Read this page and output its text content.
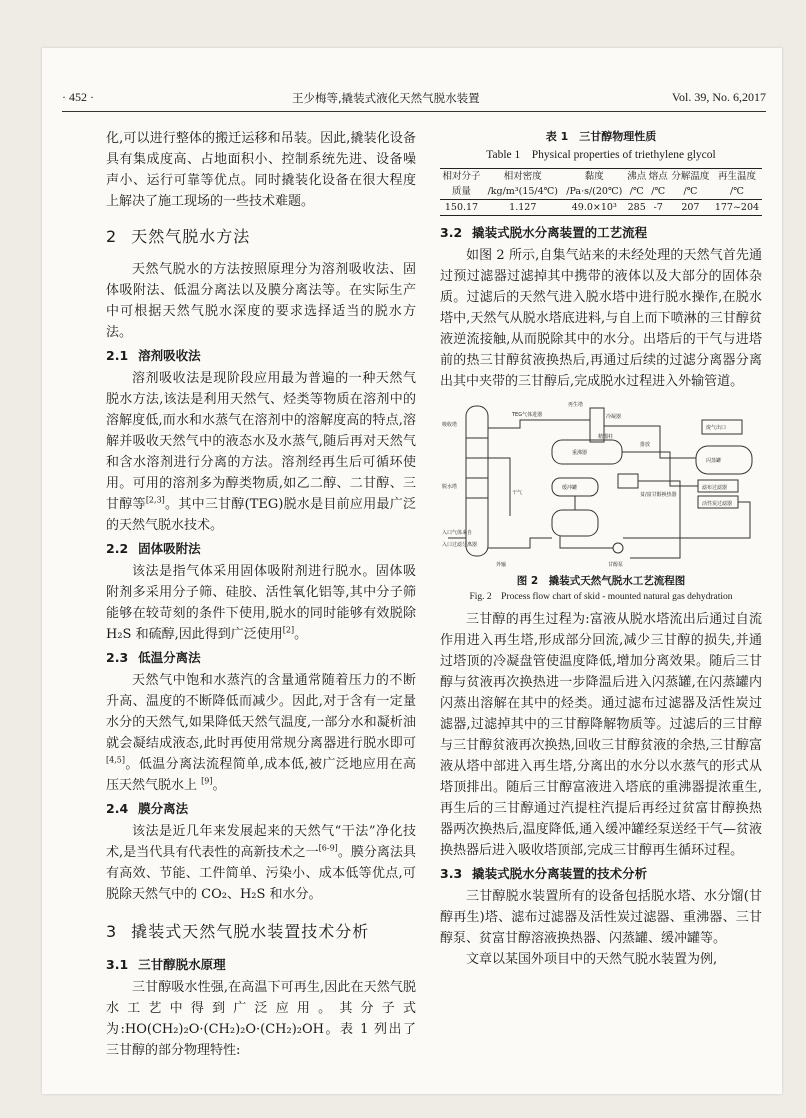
· 452 ·	王少梅等,撬装式液化天然气脱水装置	Vol. 39, No. 6,2017

化,可以进行整体的搬迁运移和吊装。因此,撬装化设备具有集成度高、占地面积小、控制系统先进、设备噪声小、运行可靠等优点。同时撬装化设备在很大程度上解决了施工现场的一些技术难题。

2 天然气脱水方法

天然气脱水的方法按照原理分为溶剂吸收法、固体吸附法、低温分离法以及膜分离法等。在实际生产中可根据天然气脱水深度的要求选择适当的脱水方法。

2.1 溶剂吸收法

溶剂吸收法是现阶段应用最为普遍的一种天然气脱水方法,该法是利用天然气、烃类等物质在溶剂中的溶解度低,而水和水蒸气在溶剂中的溶解度高的特点,溶解并吸收天然气中的液态水及水蒸气,随后再对天然气和含水溶剂进行分离的方法。溶剂经再生后可循环使用。可用的溶剂多为醇类物质,如乙二醇、二甘醇、三甘醇等[2,3]。其中三甘醇(TEG)脱水是目前应用最广泛的天然气脱水技术。

2.2 固体吸附法

该法是指气体采用固体吸附剂进行脱水。固体吸附剂多采用分子筛、硅胶、活性氧化铝等,其中分子筛能够在较苛刻的条件下使用,脱水的同时能够有效脱除 H₂S 和硫醇,因此得到广泛使用[2]。

2.3 低温分离法

天然气中饱和水蒸汽的含量通常随着压力的不断升高、温度的不断降低而减少。因此,对于含有一定量水分的天然气,如果降低天然气温度,一部分水和凝析油就会凝结成液态,此时再使用常规分离器进行脱水即可[4,5]。低温分离法流程简单,成本低,被广泛地应用在高压天然气脱水上 [9]。

2.4 膜分离法

该法是近几年来发展起来的天然气“干法”净化技术,是当代具有代表性的高新技术之一[6-9]。膜分离法具有高效、节能、工件简单、污染小、成本低等优点,可脱除天然气中的 CO₂、H₂S 和水分。

3 撬装式天然气脱水装置技术分析
3.1 三甘醇脱水原理

三甘醇吸水性强,在高温下可再生,因此在天然气脱水工艺中得到广泛应用。其分子式为:HO(CH₂)₂O·(CH₂)₂O·(CH₂)₂OH。表 1 列出了三甘醇的部分物理特性:

表 1　三甘醇物理性质
Table 1　Physical properties of triethylene glycol
相对分子	相对密度	黏度	沸点	熔点	分解温度	再生温度
质量	/kg/m³(15/4℃)	/Pa·s/(20℃)	/℃	/℃	/℃	/℃
150.17	1.127	49.0×10³	285	-7	207	177~204
3.2 撬装式脱水分离装置的工艺流程

如图 2 所示,自集气站来的未经处理的天然气首先通过预过滤器过滤掉其中携带的液体以及大部分的固体杂质。过滤后的天然气进入脱水塔中进行脱水操作,在脱水塔中,天然气从脱水塔底进料,与自上而下喷淋的三甘醇贫液逆流接触,从而脱除其中的水分。出塔后的干气与进塔前的热三甘醇贫液换热后,再通过后续的过滤分离器分离出其中夹带的三甘醇后,完成脱水过程进入外输管道。

吸收塔
TEG气体进器
再生塔
冷凝器
脱水塔
闪蒸罐
重沸器
缓冲罐
排放
精馏柱
滤布过滤器
活性炭过滤器
废气出口
入口气体来自
入口过滤分离器
甘醇泵
外输
干气	贫/富甘醇换热器
图 2　撬装式天然气脱水工艺流程图
Fig. 2　Process flow chart of skid - mounted natural gas dehydration

三甘醇的再生过程为:富液从脱水塔流出后通过自流作用进入再生塔,形成部分回流,减少三甘醇的损失,并通过塔顶的冷凝盘管使温度降低,增加分离效果。随后三甘醇与贫液再次换热进一步降温后进入闪蒸罐,在闪蒸罐内闪蒸出溶解在其中的烃类。通过滤布过滤器及活性炭过滤器,过滤掉其中的三甘醇降解物质等。过滤后的三甘醇与三甘醇贫液再次换热,回收三甘醇贫液的余热,三甘醇富液从塔中部进入再生塔,分离出的水分以水蒸气的形式从塔顶排出。随后三甘醇富液进入塔底的重沸器提浓重生,再生后的三甘醇通过汽提柱汽提后再经过贫富甘醇换热器两次换热后,温度降低,通入缓冲罐经泵送经干气—贫液换热器后进入吸收塔顶部,完成三甘醇再生循环过程。

3.3 撬装式脱水分离装置的技术分析

三甘醇脱水装置所有的设备包括脱水塔、水分馏(甘醇再生)塔、滤布过滤器及活性炭过滤器、重沸器、三甘醇泵、贫富甘醇溶液换热器、闪蒸罐、缓冲罐等。

文章以某国外项目中的天然气脱水装置为例,
